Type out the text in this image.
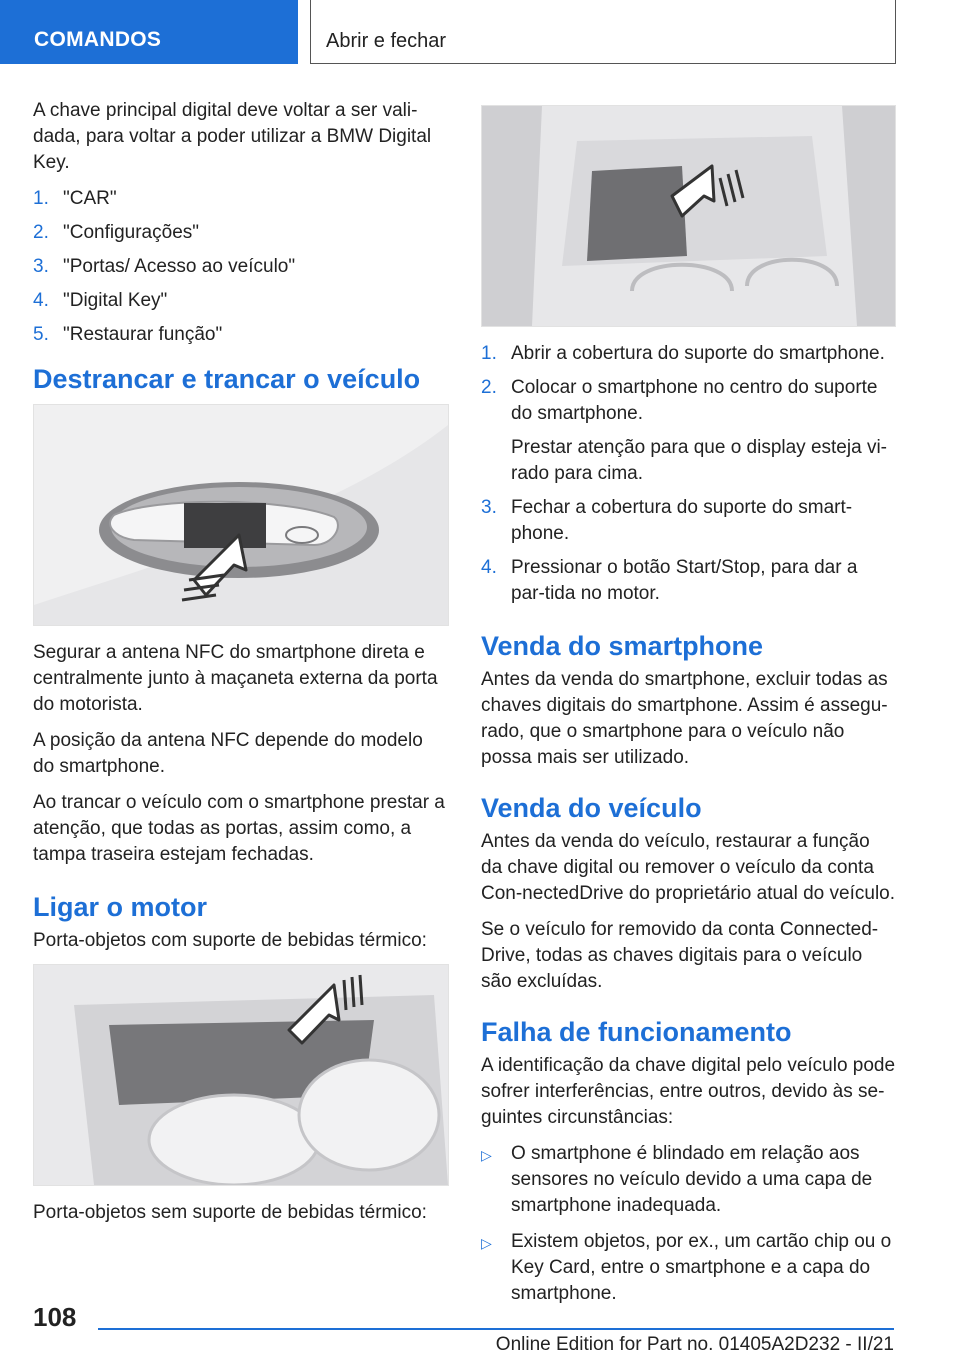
COMANDOS	Abrir e fechar

A chave principal digital deve voltar a ser vali-dada, para voltar a poder utilizar a BMW Digital Key.

1. "CAR"
2. "Configurações"
3. "Portas/ Acesso ao veículo"
4. "Digital Key"
5. "Restaurar função"
Destrancar e trancar o veículo

Segurar a antena NFC do smartphone direta e centralmente junto à maçaneta externa da porta do motorista.

A posição da antena NFC depende do modelo do smartphone.

Ao trancar o veículo com o smartphone prestar a atenção, que todas as portas, assim como, a tampa traseira estejam fechadas.

Ligar o motor

Porta-objetos com suporte de bebidas térmico:

Porta-objetos sem suporte de bebidas térmico:

1. Abrir a cobertura do suporte do smartphone.
2. Colocar o smartphone no centro do suporte do smartphone.
Prestar atenção para que o display esteja vi-rado para cima.
3. Fechar a cobertura do suporte do smart-phone.
4. Pressionar o botão Start/Stop, para dar a par-tida no motor.
Venda do smartphone

Antes da venda do smartphone, excluir todas as chaves digitais do smartphone. Assim é assegu-rado, que o smartphone para o veículo não possa mais ser utilizado.

Venda do veículo

Antes da venda do veículo, restaurar a função da chave digital ou remover o veículo da conta Con-nectedDrive do proprietário atual do veículo.

Se o veículo for removido da conta Connected-Drive, todas as chaves digitais para o veículo são excluídas.

Falha de funcionamento

A identificação da chave digital pelo veículo pode sofrer interferências, entre outros, devido às se-guintes circunstâncias:

▷ O smartphone é blindado em relação aos sensores no veículo devido a uma capa de smartphone inadequada.
▷ Existem objetos, por ex., um cartão chip ou o Key Card, entre o smartphone e a capa do smartphone.
108
Online Edition for Part no. 01405A2D232 - II/21
